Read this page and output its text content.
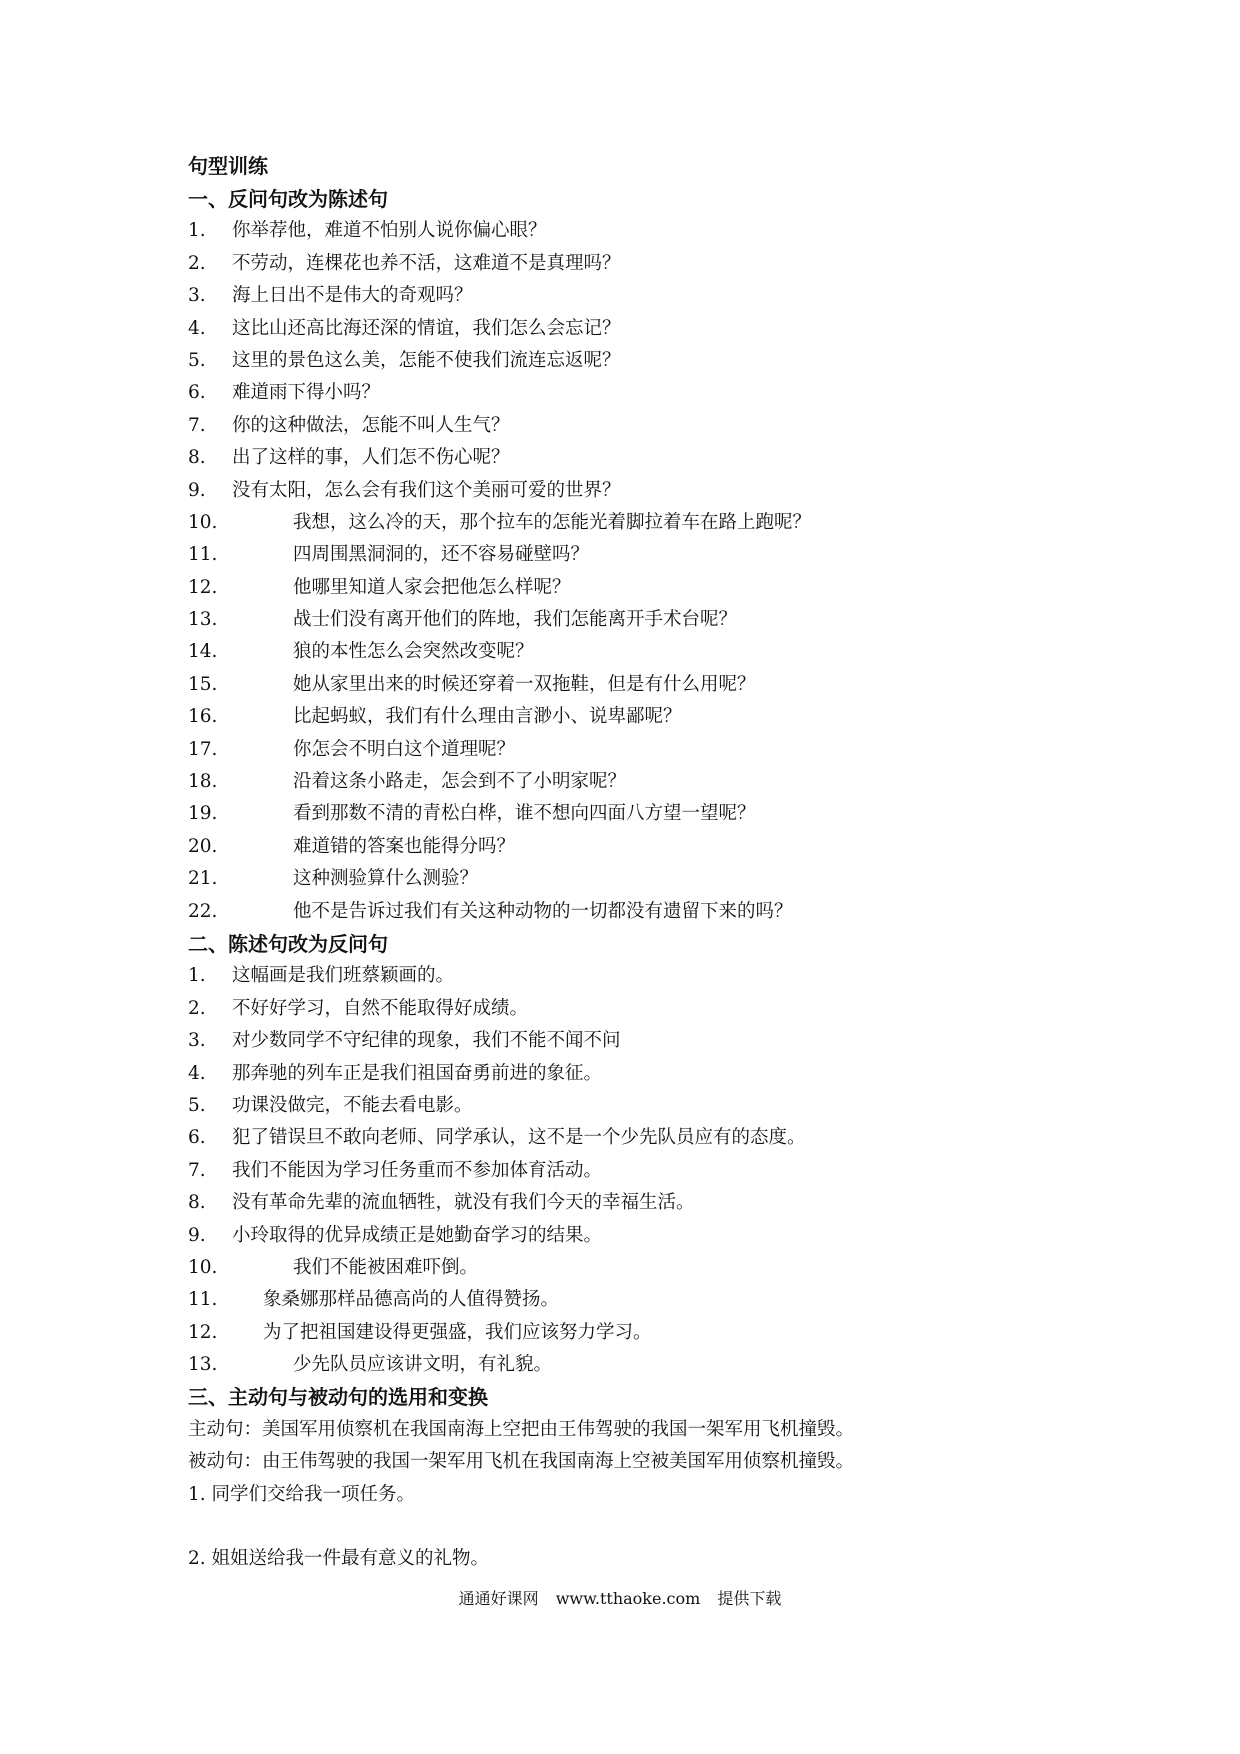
句型训练
一、反问句改为陈述句
1. 你举荐他，难道不怕别人说你偏心眼？
2. 不劳动，连棵花也养不活，这难道不是真理吗？
3. 海上日出不是伟大的奇观吗？
4. 这比山还高比海还深的情谊，我们怎么会忘记？
5. 这里的景色这么美，怎能不使我们流连忘返呢？
6. 难道雨下得小吗？
7. 你的这种做法，怎能不叫人生气？
8. 出了这样的事，人们怎不伤心呢？
9. 没有太阳，怎么会有我们这个美丽可爱的世界？
10.	我想，这么冷的天，那个拉车的怎能光着脚拉着车在路上跑呢？
11.	四周围黑洞洞的，还不容易碰壁吗？
12.	他哪里知道人家会把他怎么样呢？
13.	战士们没有离开他们的阵地，我们怎能离开手术台呢？
14.	狼的本性怎么会突然改变呢？
15.	她从家里出来的时候还穿着一双拖鞋，但是有什么用呢？
16.	比起蚂蚁，我们有什么理由言渺小、说卑鄙呢？
17.	你怎会不明白这个道理呢？
18.	沿着这条小路走，怎会到不了小明家呢？
19.	看到那数不清的青松白桦，谁不想向四面八方望一望呢？
20.	难道错的答案也能得分吗？
21.	这种测验算什么测验？
22.	他不是告诉过我们有关这种动物的一切都没有遗留下来的吗？
二、陈述句改为反问句
1. 这幅画是我们班蔡颖画的。
2. 不好好学习，自然不能取得好成绩。
3. 对少数同学不守纪律的现象，我们不能不闻不问
4. 那奔驰的列车正是我们祖国奋勇前进的象征。
5. 功课没做完，不能去看电影。
6. 犯了错误旦不敢向老师、同学承认，这不是一个少先队员应有的态度。
7. 我们不能因为学习任务重而不参加体育活动。
8. 没有革命先辈的流血牺牲，就没有我们今天的幸福生活。
9. 小玲取得的优异成绩正是她勤奋学习的结果。
10.	我们不能被困难吓倒。
11. 象桑娜那样品德高尚的人值得赞扬。
12. 为了把祖国建设得更强盛，我们应该努力学习。
13.	少先队员应该讲文明，有礼貌。
三、主动句与被动句的选用和变换

主动句：美国军用侦察机在我国南海上空把由王伟驾驶的我国一架军用飞机撞毁。

被动句：由王伟驾驶的我国一架军用飞机在我国南海上空被美国军用侦察机撞毁。

1. 同学们交给我一项任务。

2. 姐姐送给我一件最有意义的礼物。

通通好课网 www.tthaoke.com 提供下载
